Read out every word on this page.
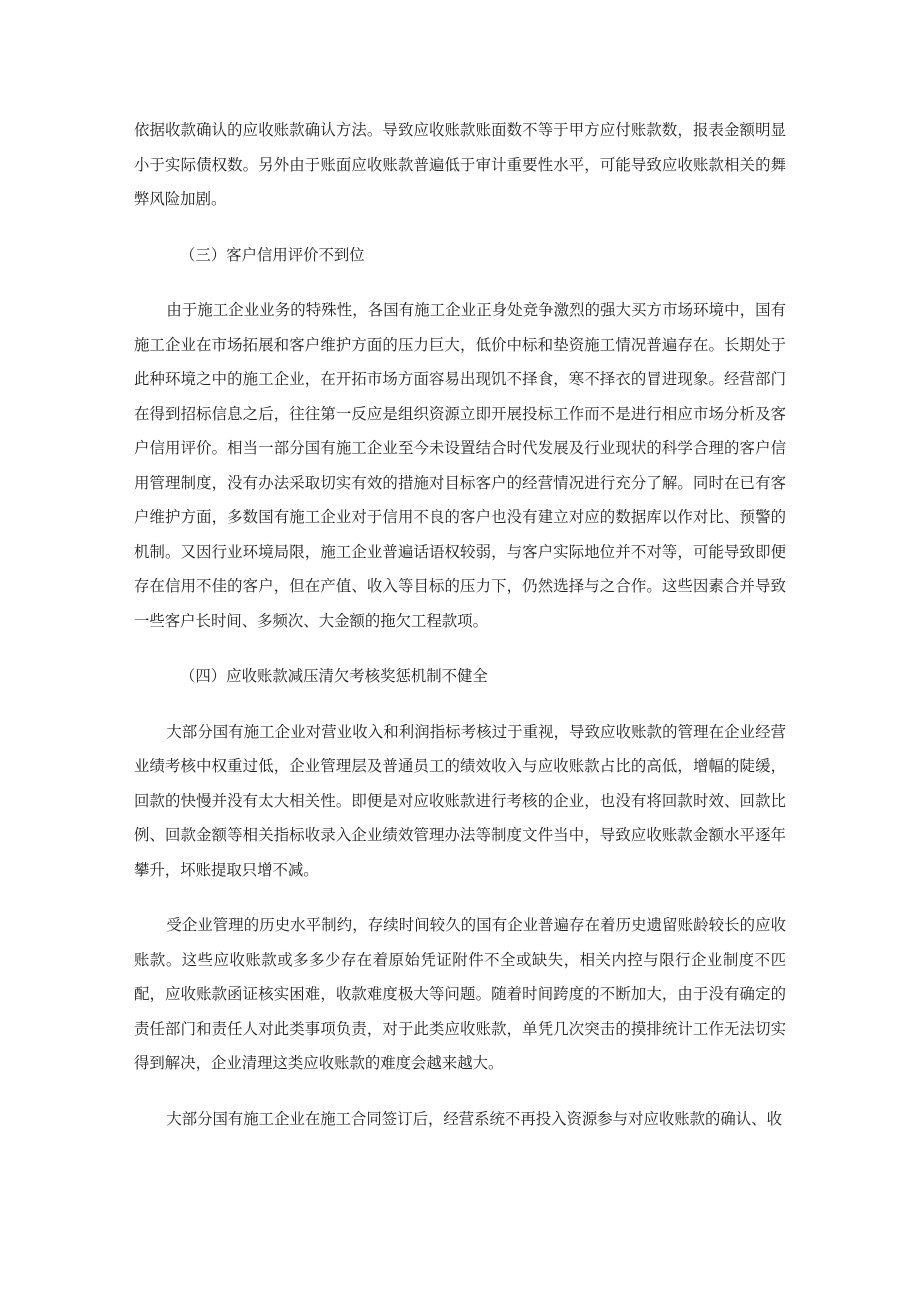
依据收款确认的应收账款确认方法。导致应收账款账面数不等于甲方应付账款数，报表金额明显小于实际债权数。另外由于账面应收账款普遍低于审计重要性水平，可能导致应收账款相关的舞弊风险加剧。

（三）客户信用评价不到位

由于施工企业业务的特殊性，各国有施工企业正身处竞争激烈的强大买方市场环境中，国有施工企业在市场拓展和客户维护方面的压力巨大，低价中标和垫资施工情况普遍存在。长期处于此种环境之中的施工企业，在开拓市场方面容易出现饥不择食，寒不择衣的冒进现象。经营部门在得到招标信息之后，往往第一反应是组织资源立即开展投标工作而不是进行相应市场分析及客户信用评价。相当一部分国有施工企业至今未设置结合时代发展及行业现状的科学合理的客户信用管理制度，没有办法采取切实有效的措施对目标客户的经营情况进行充分了解。同时在已有客户维护方面，多数国有施工企业对于信用不良的客户也没有建立对应的数据库以作对比、预警的机制。又因行业环境局限，施工企业普遍话语权较弱，与客户实际地位并不对等，可能导致即便存在信用不佳的客户，但在产值、收入等目标的压力下，仍然选择与之合作。这些因素合并导致一些客户长时间、多频次、大金额的拖欠工程款项。

（四）应收账款减压清欠考核奖惩机制不健全

大部分国有施工企业对营业收入和利润指标考核过于重视，导致应收账款的管理在企业经营业绩考核中权重过低，企业管理层及普通员工的绩效收入与应收账款占比的高低，增幅的陡缓，回款的快慢并没有太大相关性。即便是对应收账款进行考核的企业，也没有将回款时效、回款比例、回款金额等相关指标收录入企业绩效管理办法等制度文件当中，导致应收账款金额水平逐年攀升，坏账提取只增不减。

受企业管理的历史水平制约，存续时间较久的国有企业普遍存在着历史遗留账龄较长的应收账款。这些应收账款或多多少存在着原始凭证附件不全或缺失，相关内控与限行企业制度不匹配，应收账款函证核实困难，收款难度极大等问题。随着时间跨度的不断加大，由于没有确定的责任部门和责任人对此类事项负责，对于此类应收账款，单凭几次突击的摸排统计工作无法切实得到解决，企业清理这类应收账款的难度会越来越大。

大部分国有施工企业在施工合同签订后，经营系统不再投入资源参与对应收账款的确认、收
